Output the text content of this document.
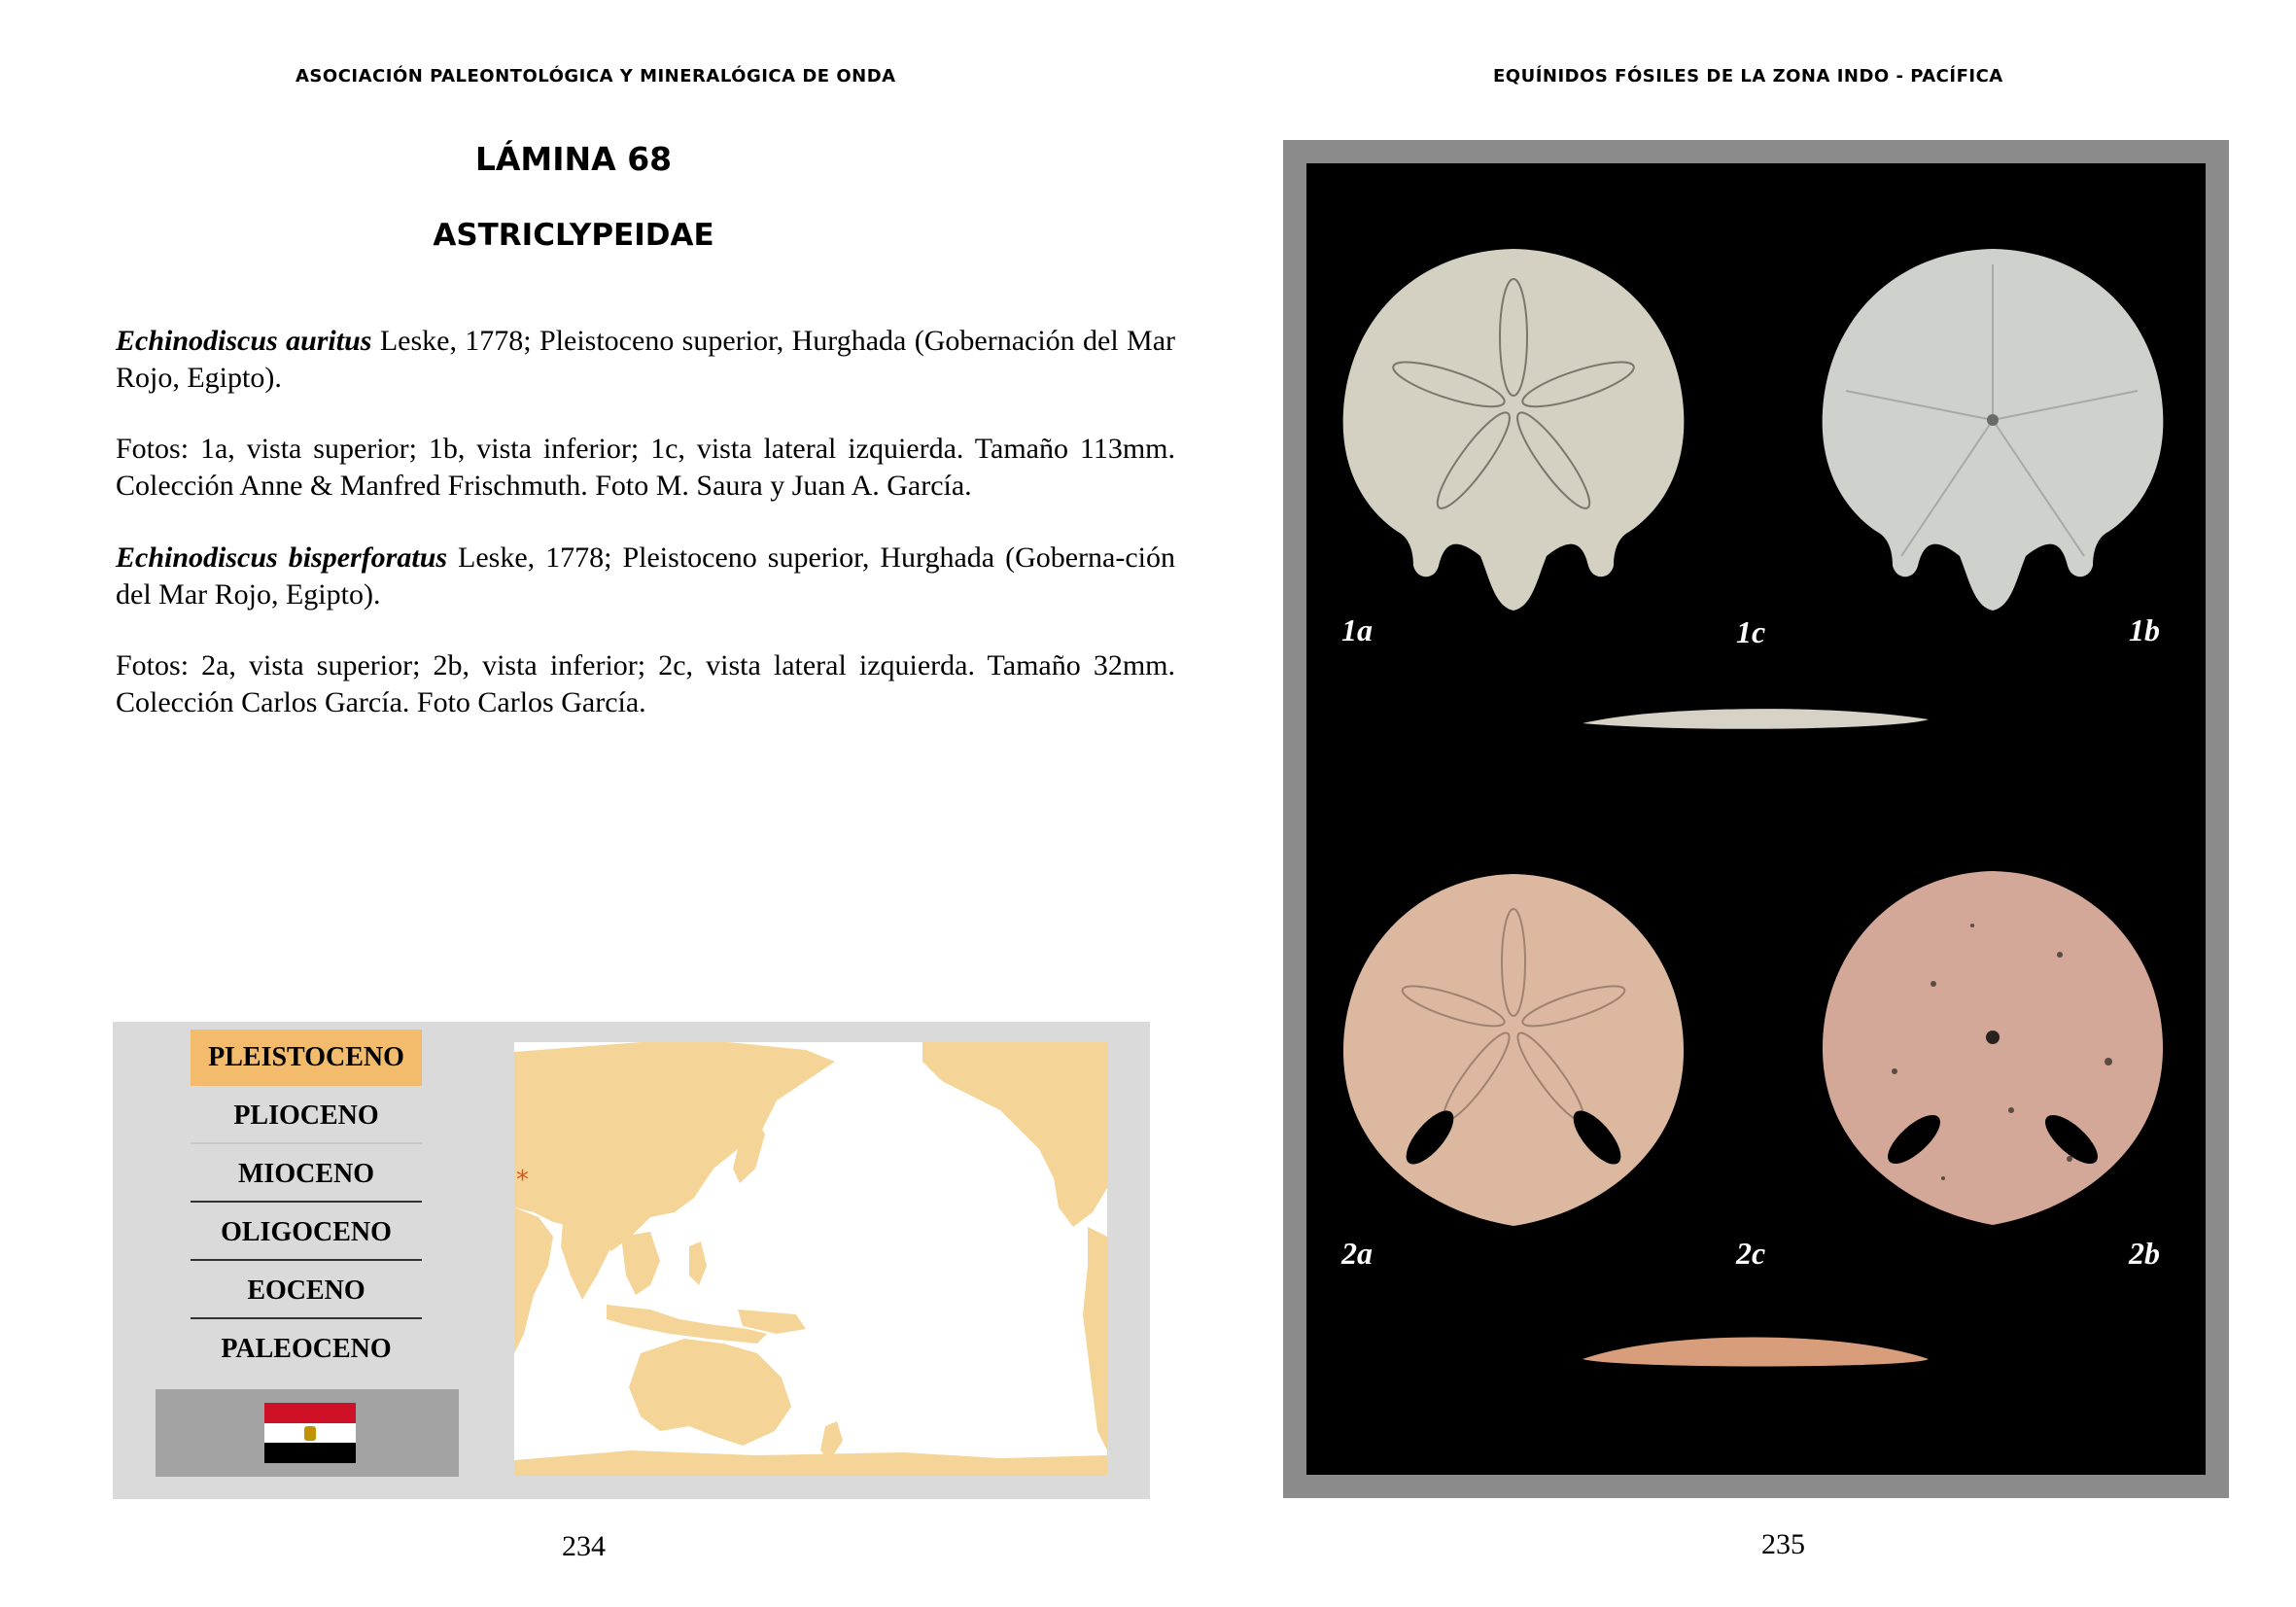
ASOCIACIÓN PALEONTOLÓGICA Y MINERALÓGICA DE ONDA	EQUÍNIDOS FÓSILES DE LA ZONA INDO - PACÍFICA
LÁMINA 68
ASTRICLYPEIDAE
Echinodiscus auritus Leske, 1778; Pleistoceno superior, Hurghada (Gobernación del Mar Rojo, Egipto).
Fotos: 1a, vista superior; 1b, vista inferior; 1c, vista lateral izquierda. Tamaño 113mm. Colección Anne & Manfred Frischmuth. Foto M. Saura y Juan A. García.
Echinodiscus bisperforatus Leske, 1778; Pleistoceno superior, Hurghada (Goberna-ción del Mar Rojo, Egipto).
Fotos: 2a, vista superior; 2b, vista inferior; 2c, vista lateral izquierda. Tamaño 32mm. Colección Carlos García. Foto Carlos García.
PLEISTOCENO
PLIOCENO
MIOCENO
OLIGOCENO
EOCENO
PALEOCENO
*
234	235
1a	1c	1b
2a	2c	2b
